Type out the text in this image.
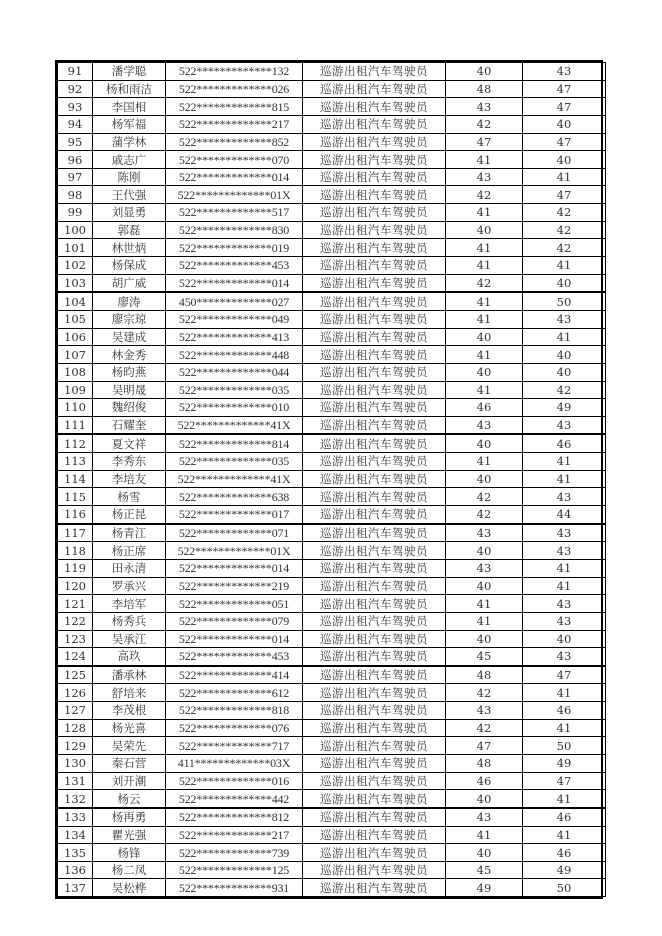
91	潘学聪	522*************132	巡游出租汽车驾驶员	40	43
92	杨和雨洁	522*************026	巡游出租汽车驾驶员	48	47
93	李国相	522*************815	巡游出租汽车驾驶员	43	47
94	杨军福	522*************217	巡游出租汽车驾驶员	42	40
95	蒲学林	522*************852	巡游出租汽车驾驶员	47	47
96	戚志广	522*************070	巡游出租汽车驾驶员	41	40
97	陈刚	522*************014	巡游出租汽车驾驶员	43	41
98	王代强	522*************01X	巡游出租汽车驾驶员	42	47
99	刘显勇	522*************517	巡游出租汽车驾驶员	41	42
100	郭磊	522*************830	巡游出租汽车驾驶员	40	42
101	林世炳	522*************019	巡游出租汽车驾驶员	41	42
102	杨保成	522*************453	巡游出租汽车驾驶员	41	41
103	胡广威	522*************014	巡游出租汽车驾驶员	42	40
104	廖涛	450*************027	巡游出租汽车驾驶员	41	50
105	廖宗琼	522*************049	巡游出租汽车驾驶员	41	43
106	吴建成	522*************413	巡游出租汽车驾驶员	40	41
107	林金秀	522*************448	巡游出租汽车驾驶员	41	40
108	杨昀燕	522*************044	巡游出租汽车驾驶员	40	40
109	吴明晟	522*************035	巡游出租汽车驾驶员	41	42
110	魏绍俊	522*************010	巡游出租汽车驾驶员	46	49
111	石耀奎	522*************41X	巡游出租汽车驾驶员	43	43
112	夏文祥	522*************814	巡游出租汽车驾驶员	40	46
113	李秀东	522*************035	巡游出租汽车驾驶员	41	41
114	李培友	522*************41X	巡游出租汽车驾驶员	40	41
115	杨雪	522*************638	巡游出租汽车驾驶员	42	43
116	杨正昆	522*************017	巡游出租汽车驾驶员	42	44
117	杨青江	522*************071	巡游出租汽车驾驶员	43	43
118	杨正席	522*************01X	巡游出租汽车驾驶员	40	43
119	田永清	522*************014	巡游出租汽车驾驶员	43	41
120	罗承兴	522*************219	巡游出租汽车驾驶员	40	41
121	李培军	522*************051	巡游出租汽车驾驶员	41	43
122	杨秀兵	522*************079	巡游出租汽车驾驶员	41	43
123	吴承江	522*************014	巡游出租汽车驾驶员	40	40
124	高玖	522*************453	巡游出租汽车驾驶员	45	43
125	潘承林	522*************414	巡游出租汽车驾驶员	48	47
126	舒培来	522*************612	巡游出租汽车驾驶员	42	41
127	李茂根	522*************818	巡游出租汽车驾驶员	43	46
128	杨光喜	522*************076	巡游出租汽车驾驶员	42	41
129	吴荣先	522*************717	巡游出租汽车驾驶员	47	50
130	秦石营	411*************03X	巡游出租汽车驾驶员	48	49
131	刘开潮	522*************016	巡游出租汽车驾驶员	46	47
132	杨云	522*************442	巡游出租汽车驾驶员	40	41
133	杨再勇	522*************812	巡游出租汽车驾驶员	43	46
134	瞿光强	522*************217	巡游出租汽车驾驶员	41	41
135	杨锋	522*************739	巡游出租汽车驾驶员	40	46
136	杨二凤	522*************125	巡游出租汽车驾驶员	45	49
137	吴松桦	522*************931	巡游出租汽车驾驶员	49	50
